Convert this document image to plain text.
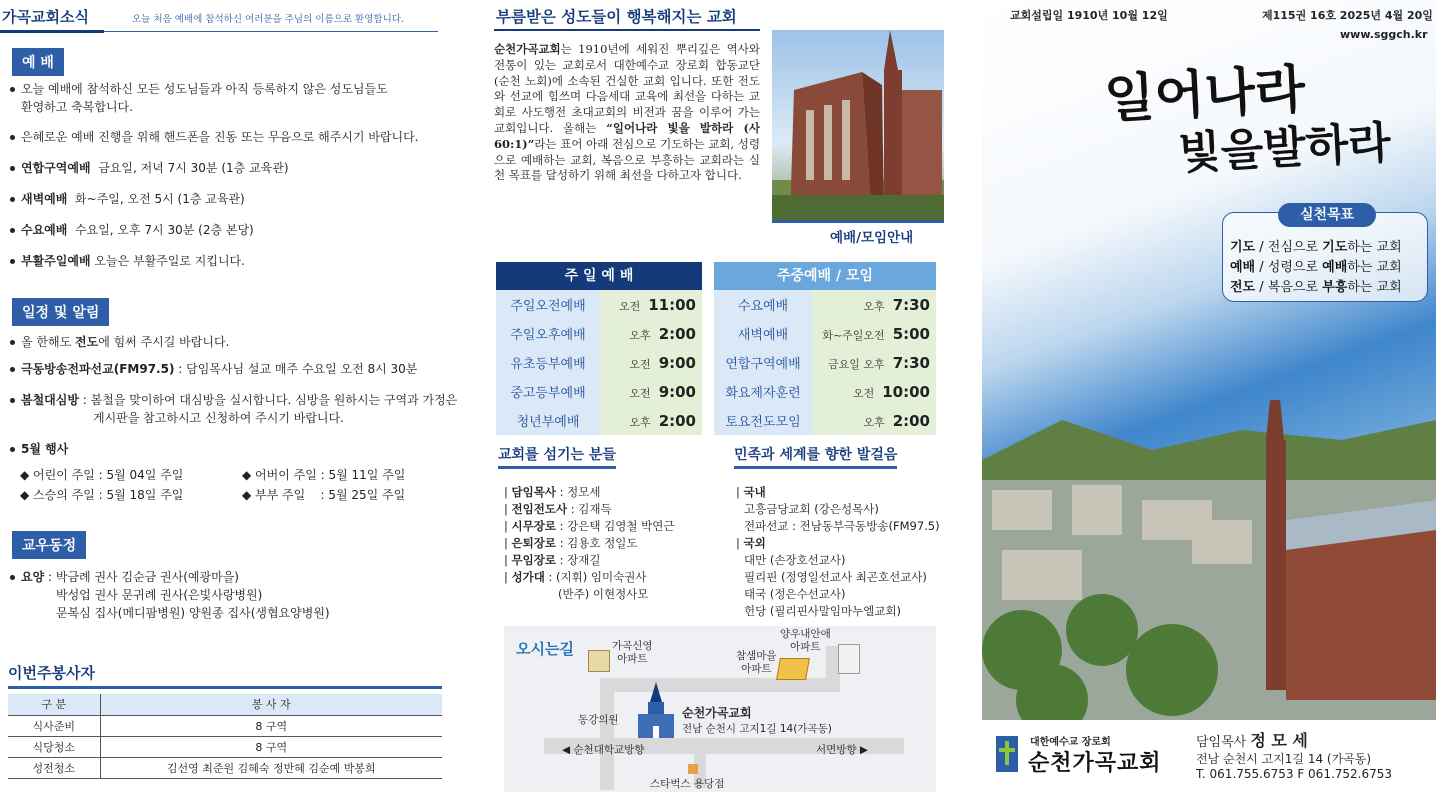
가곡교회소식	오늘 처음 예배에 참석하신 여러분을 주님의 이름으로 환영합니다.
예 배
오늘 예배에 참석하신 모든 성도님들과 아직 등록하지 않은 성도님들도
환영하고 축복합니다.
은혜로운 예배 진행을 위해 핸드폰을 진동 또는 무음으로 해주시기 바랍니다.
연합구역예배 금요일, 저녁 7시 30분 (1층 교육관)
새벽예배 화~주일, 오전 5시 (1층 교육관)
수요예배 수요일, 오후 7시 30분 (2층 본당)
부활주일예배 오늘은 부활주일로 지킵니다.
일정 및 알림
올 한해도 전도에 힘써 주시길 바랍니다.
극동방송전파선교(FM97.5) : 담임목사님 설교 매주 수요일 오전 8시 30분
봄철대심방 : 봄철을 맞이하여 대심방을 실시합니다. 심방을 원하시는 구역과 가정은
게시판을 참고하시고 신청하여 주시기 바랍니다.
5월 행사
◆ 어린이 주일 : 5월 04일 주일	◆ 어버이 주일 : 5월 11일 주일
◆ 스승의 주일 : 5월 18일 주일	◆ 부부 주일    : 5월 25일 주일
교우동정
요양 : 박금례 권사 김순금 권사(예광마을)
박성업 권사 문귀례 권사(은빛사랑병원)
문복심 집사(메디팜병원) 양원종 집사(생협요양병원)
이번주봉사자
구 분	봉 사 자
식사준비	8 구역
식당청소	8 구역
성전청소	김선영 최준원 김혜숙 정반혜 김순예 박봉희
부름받은 성도들이 행복해지는 교회
순천가곡교회는 1910년에 세워진 뿌리깊은 역사와 전통이 있는 교회로서 대한예수교 장로회 합동교단 (순천 노회)에 소속된 건실한 교회 입니다. 또한 전도와 선교에 힘쓰며 다음세대 교육에 최선을 다하는 교회로 사도행전 초대교회의 비전과 꿈을 이루어 가는 교회입니다. 올해는 “일어나라 빛을 발하라 (사 60:1)”라는 표어 아래 전심으로 기도하는 교회, 성령으로 예배하는 교회, 복음으로 부흥하는 교회라는 실천 목표를 달성하기 위해 최선을 다하고자 합니다.
예배/모임안내
주 일 예 배
주일오전예배	오전 11:00
주일오후예배	오후 2:00
유초등부예배	오전 9:00
중고등부예배	오전 9:00
청년부예배	오후 2:00
주중예배 / 모임
수요예배	오후 7:30
새벽예배	화~주일오전 5:00
연합구역예배	금요일 오후 7:30
화요제자훈련	오전 10:00
토요전도모임	오후 2:00
교회를 섬기는 분들
| 담임목사 : 정모세
| 전임전도사 : 김재득
| 시무장로 : 강은택 김영철 박연근
| 은퇴장로 : 김용호 정일도
| 무임장로 : 장재길
| 성가대 : (지휘) 임미숙권사
(반주) 이현정사모
민족과 세계를 향한 발걸음
| 국내
고흥금당교회 (강은성목사)
전파선교 : 전남동부극동방송(FM97.5)
| 국외
대만 (손장호선교사)
필리핀 (정영일선교사 최곤호선교사)
태국 (정은수선교사)
헌당 (필리핀사말임마누엘교회)
오시는길	가곡신영
아파트
양우내안애
아파트
참샘마을
아파트
동강의원	순천가곡교회
전남 순천시 고지1길 14(가곡동)
◀ 순천대학교방향	서면방향 ▶
스타벅스 용당점
교회설립일 1910년 10월 12일	제115권 16호 2025년 4월 20일
www.sggch.kr
일어나라
빛을발하라
실천목표
기도 / 전심으로 기도하는 교회
예배 / 성령으로 예배하는 교회
전도 / 복음으로 부흥하는 교회
대한예수교 장로회
순천가곡교회
담임목사 정 모 세
전남 순천시 고지1길 14 (가곡동)
T. 061.755.6753 F 061.752.6753
